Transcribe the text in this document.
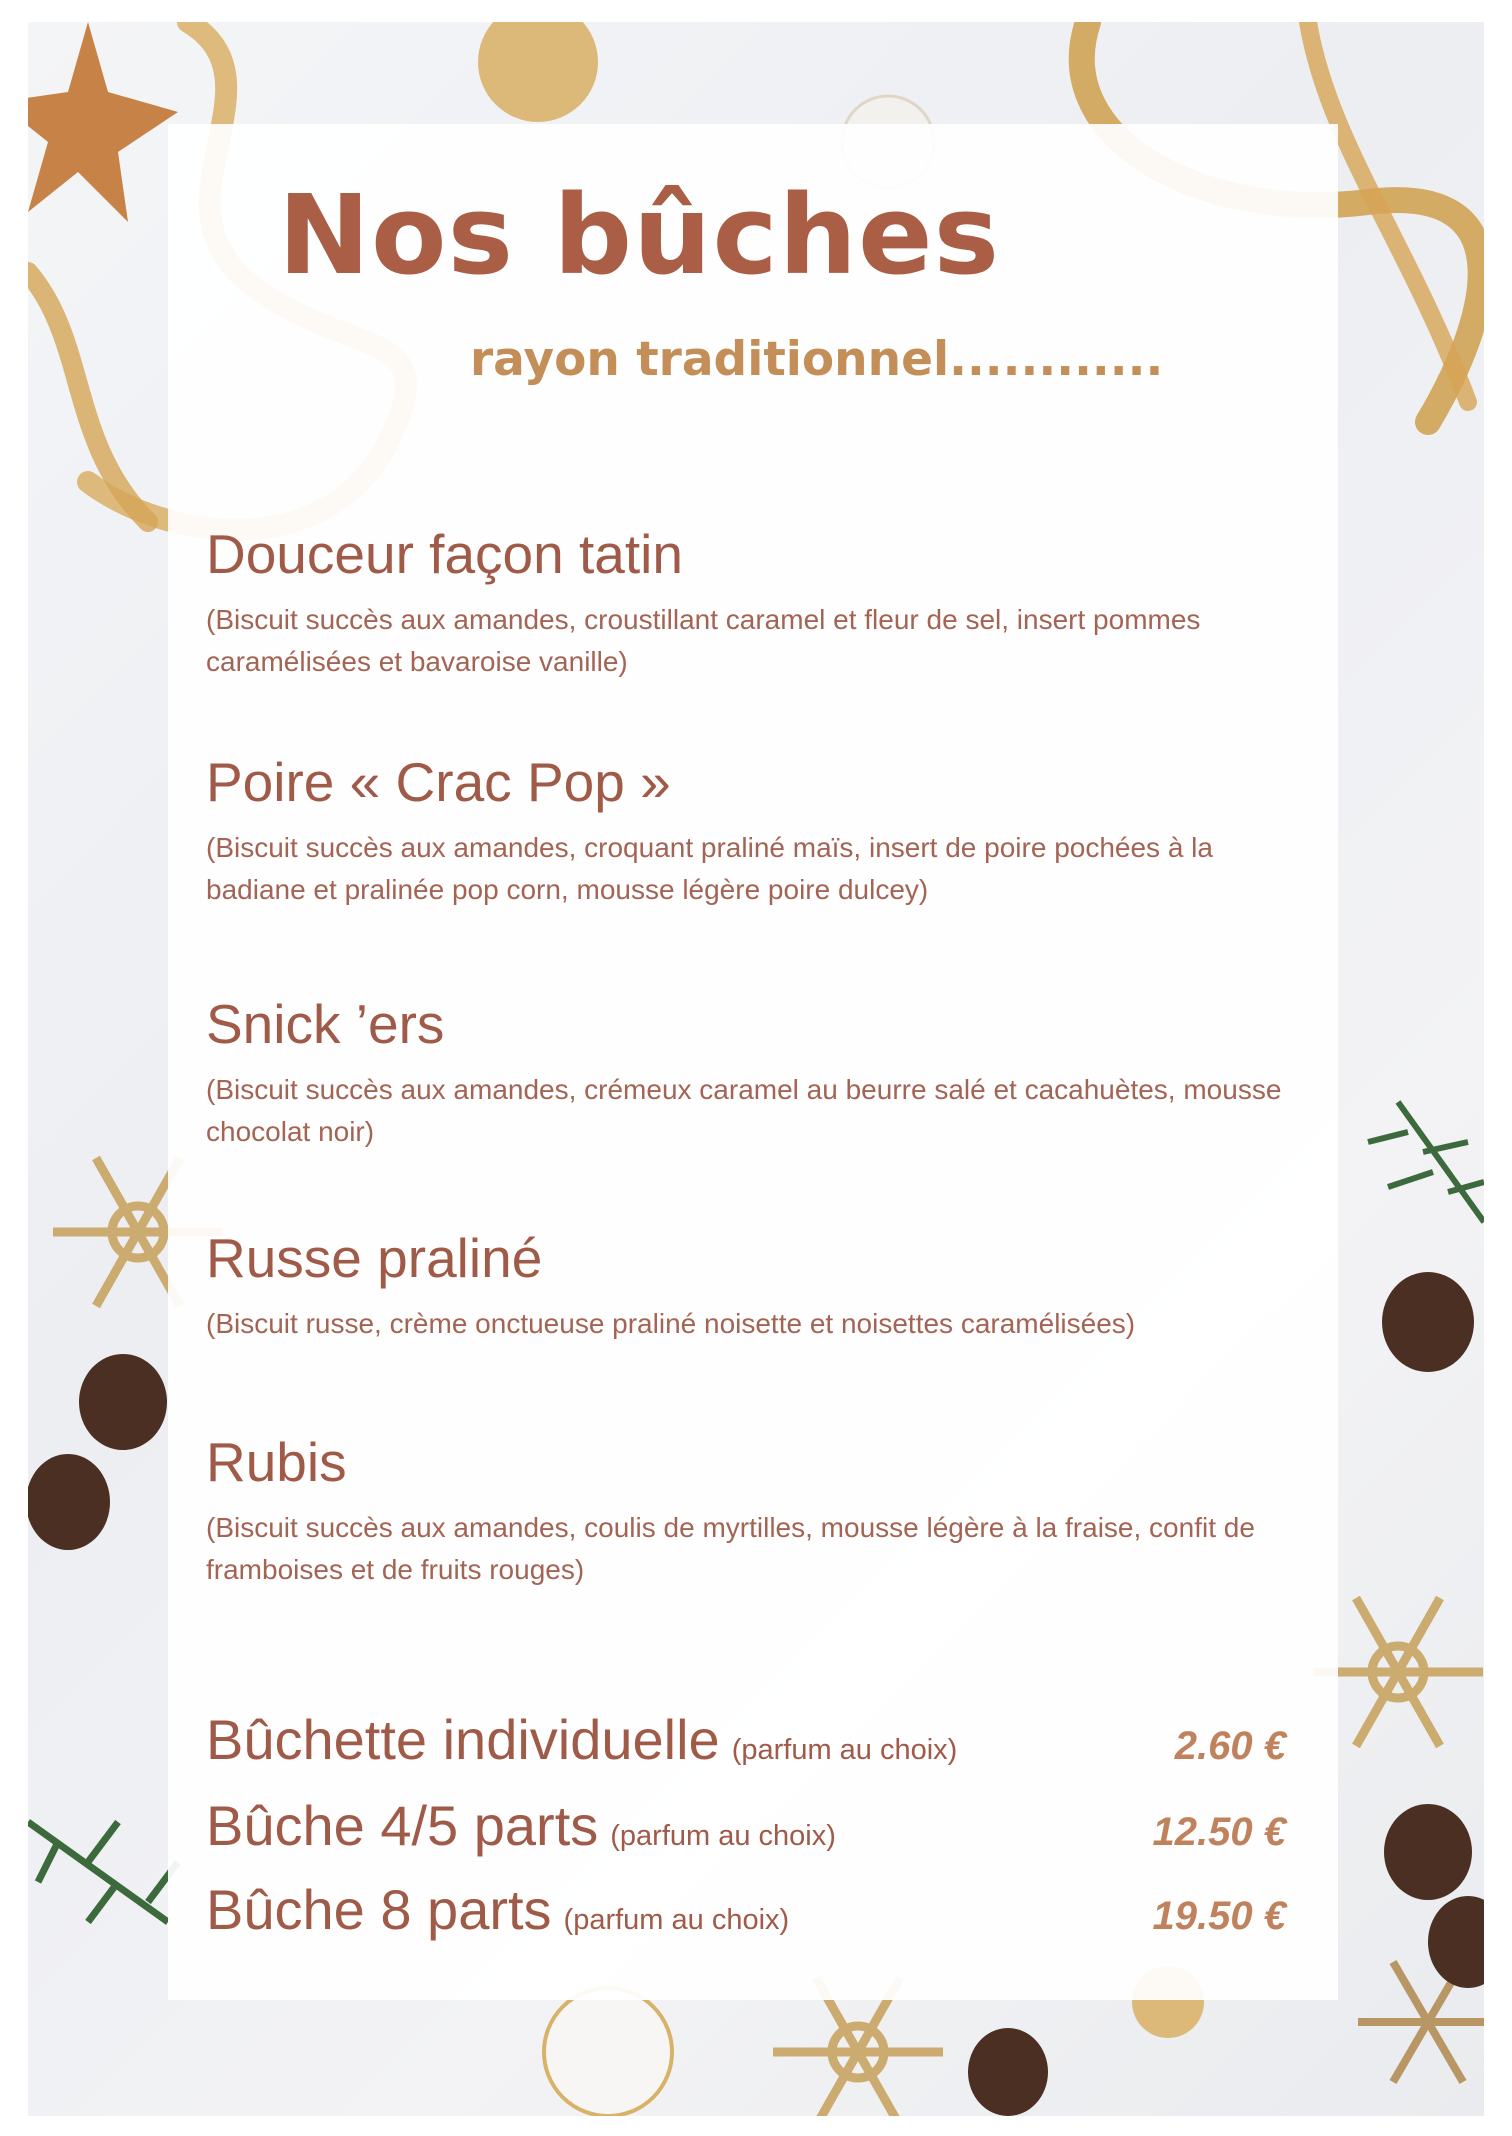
Nos bûches
rayon traditionnel............

Douceur façon tatin

(Biscuit succès aux amandes, croustillant caramel et fleur de sel, insert pommes caramélisées et bavaroise vanille)

Poire « Crac Pop »

(Biscuit succès aux amandes, croquant praliné maïs, insert de poire pochées à la badiane et pralinée pop corn, mousse légère poire dulcey)

Snick ’ers

(Biscuit succès aux amandes, crémeux caramel au beurre salé et cacahuètes, mousse chocolat noir)

Russe praliné

(Biscuit russe, crème onctueuse praliné noisette et noisettes caramélisées)

Rubis

(Biscuit succès aux amandes, coulis de myrtilles, mousse légère à la fraise, confit de framboises et de fruits rouges)

Bûchette individuelle (parfum au choix)	2.60 €
Bûche 4/5 parts (parfum au choix)	12.50 €
Bûche 8 parts (parfum au choix)	19.50 €
